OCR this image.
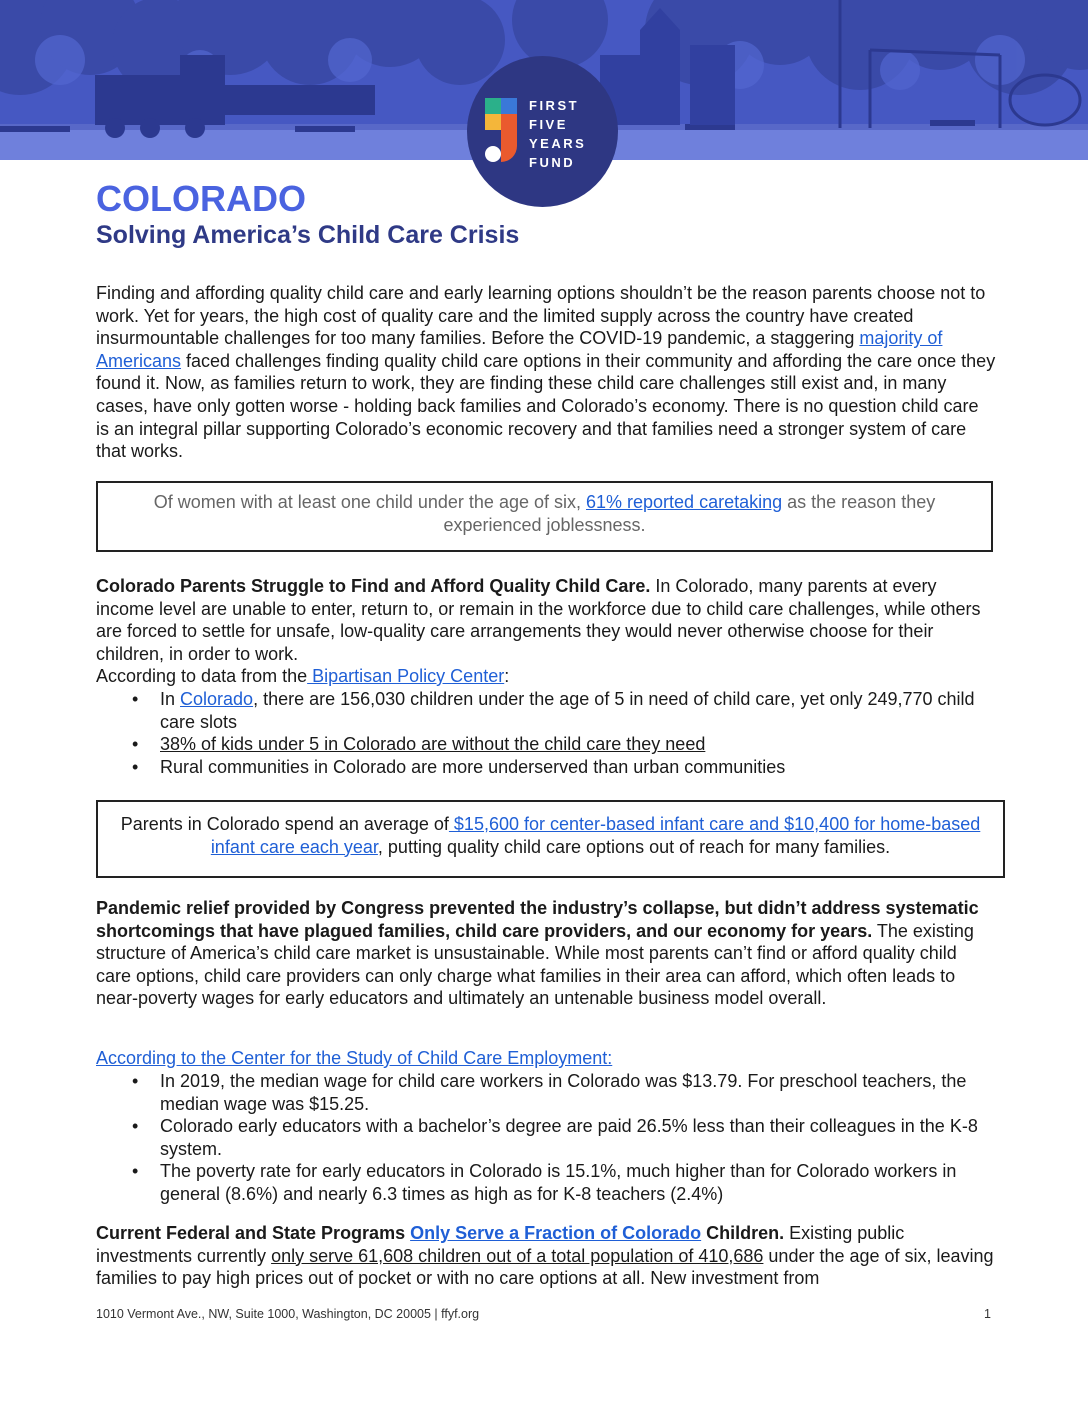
FIRST
FIVE
YEARS
FUND
COLORADO
Solving America’s Child Care Crisis

Finding and affording quality child care and early learning options shouldn’t be the reason parents choose not to work. Yet for years, the high cost of quality care and the limited supply across the country have created insurmountable challenges for too many families. Before the COVID-19 pandemic, a staggering majority of Americans faced challenges finding quality child care options in their community and affording the care once they found it. Now, as families return to work, they are finding these child care challenges still exist and, in many cases, have only gotten worse - holding back families and Colorado’s economy. There is no question child care is an integral pillar supporting Colorado’s economic recovery and that families need a stronger system of care that works.

Of women with at least one child under the age of six, 61% reported caretaking as the reason they experienced joblessness.

Colorado Parents Struggle to Find and Afford Quality Child Care. In Colorado, many parents at every income level are unable to enter, return to, or remain in the workforce due to child care challenges, while others are forced to settle for unsafe, low-quality care arrangements they would never otherwise choose for their children, in order to work.

According to data from the Bipartisan Policy Center:

• In Colorado, there are 156,030 children under the age of 5 in need of child care, yet only 249,770 child care slots
• 38% of kids under 5 in Colorado are without the child care they need
• Rural communities in Colorado are more underserved than urban communities
Parents in Colorado spend an average of $15,600 for center-based infant care and $10,400 for home-based infant care each year, putting quality child care options out of reach for many families.

Pandemic relief provided by Congress prevented the industry’s collapse, but didn’t address systematic shortcomings that have plagued families, child care providers, and our economy for years. The existing structure of America’s child care market is unsustainable. While most parents can’t find or afford quality child care options, child care providers can only charge what families in their area can afford, which often leads to near-poverty wages for early educators and ultimately an untenable business model overall.

According to the Center for the Study of Child Care Employment:

• In 2019, the median wage for child care workers in Colorado was $13.79. For preschool teachers, the median wage was $15.25.
• Colorado early educators with a bachelor’s degree are paid 26.5% less than their colleagues in the K-8 system.
• The poverty rate for early educators in Colorado is 15.1%, much higher than for Colorado workers in general (8.6%) and nearly 6.3 times as high as for K-8 teachers (2.4%)

Current Federal and State Programs Only Serve a Fraction of Colorado Children. Existing public investments currently only serve 61,608 children out of a total population of 410,686 under the age of six, leaving families to pay high prices out of pocket or with no care options at all. New investment from

1010 Vermont Ave., NW, Suite 1000, Washington, DC 20005 | ffyf.org	1
